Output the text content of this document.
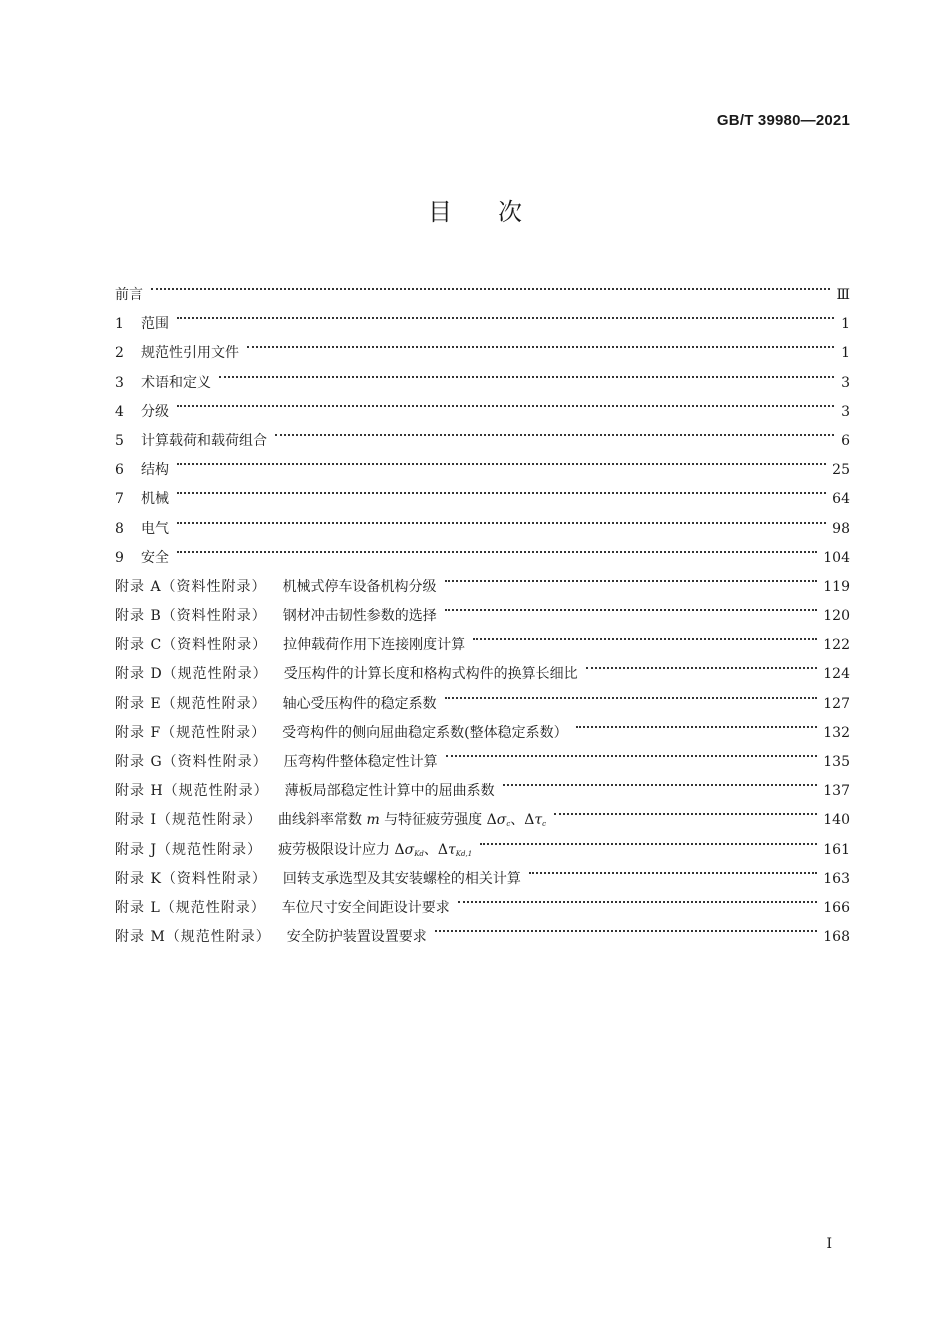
GB/T 39980—2021
目次
前言	Ⅲ
1	范围	1
2	规范性引用文件	1
3	术语和定义	3
4	分级	3
5	计算载荷和载荷组合	6
6	结构	25
7	机械	64
8	电气	98
9	安全	104
附录 A（资料性附录） 机械式停车设备机构分级	119
附录 B（资料性附录） 钢材冲击韧性参数的选择	120
附录 C（资料性附录） 拉伸载荷作用下连接刚度计算	122
附录 D（规范性附录） 受压构件的计算长度和格构式构件的换算长细比	124
附录 E（规范性附录） 轴心受压构件的稳定系数	127
附录 F（规范性附录） 受弯构件的侧向屈曲稳定系数(整体稳定系数）	132
附录 G（资料性附录） 压弯构件整体稳定性计算	135
附录 H（规范性附录） 薄板局部稳定性计算中的屈曲系数	137
附录 I（规范性附录） 曲线斜率常数 m 与特征疲劳强度 $\Delta\sigma_c$、$\Delta\tau_c$	140
附录 J（规范性附录） 疲劳极限设计应力 $\Delta\sigma_{Kd}$、$\Delta\tau_{Kd,1}$	161
附录 K（资料性附录） 回转支承选型及其安装螺栓的相关计算	163
附录 L（规范性附录） 车位尺寸安全间距设计要求	166
附录 M（规范性附录） 安全防护装置设置要求	168
I
